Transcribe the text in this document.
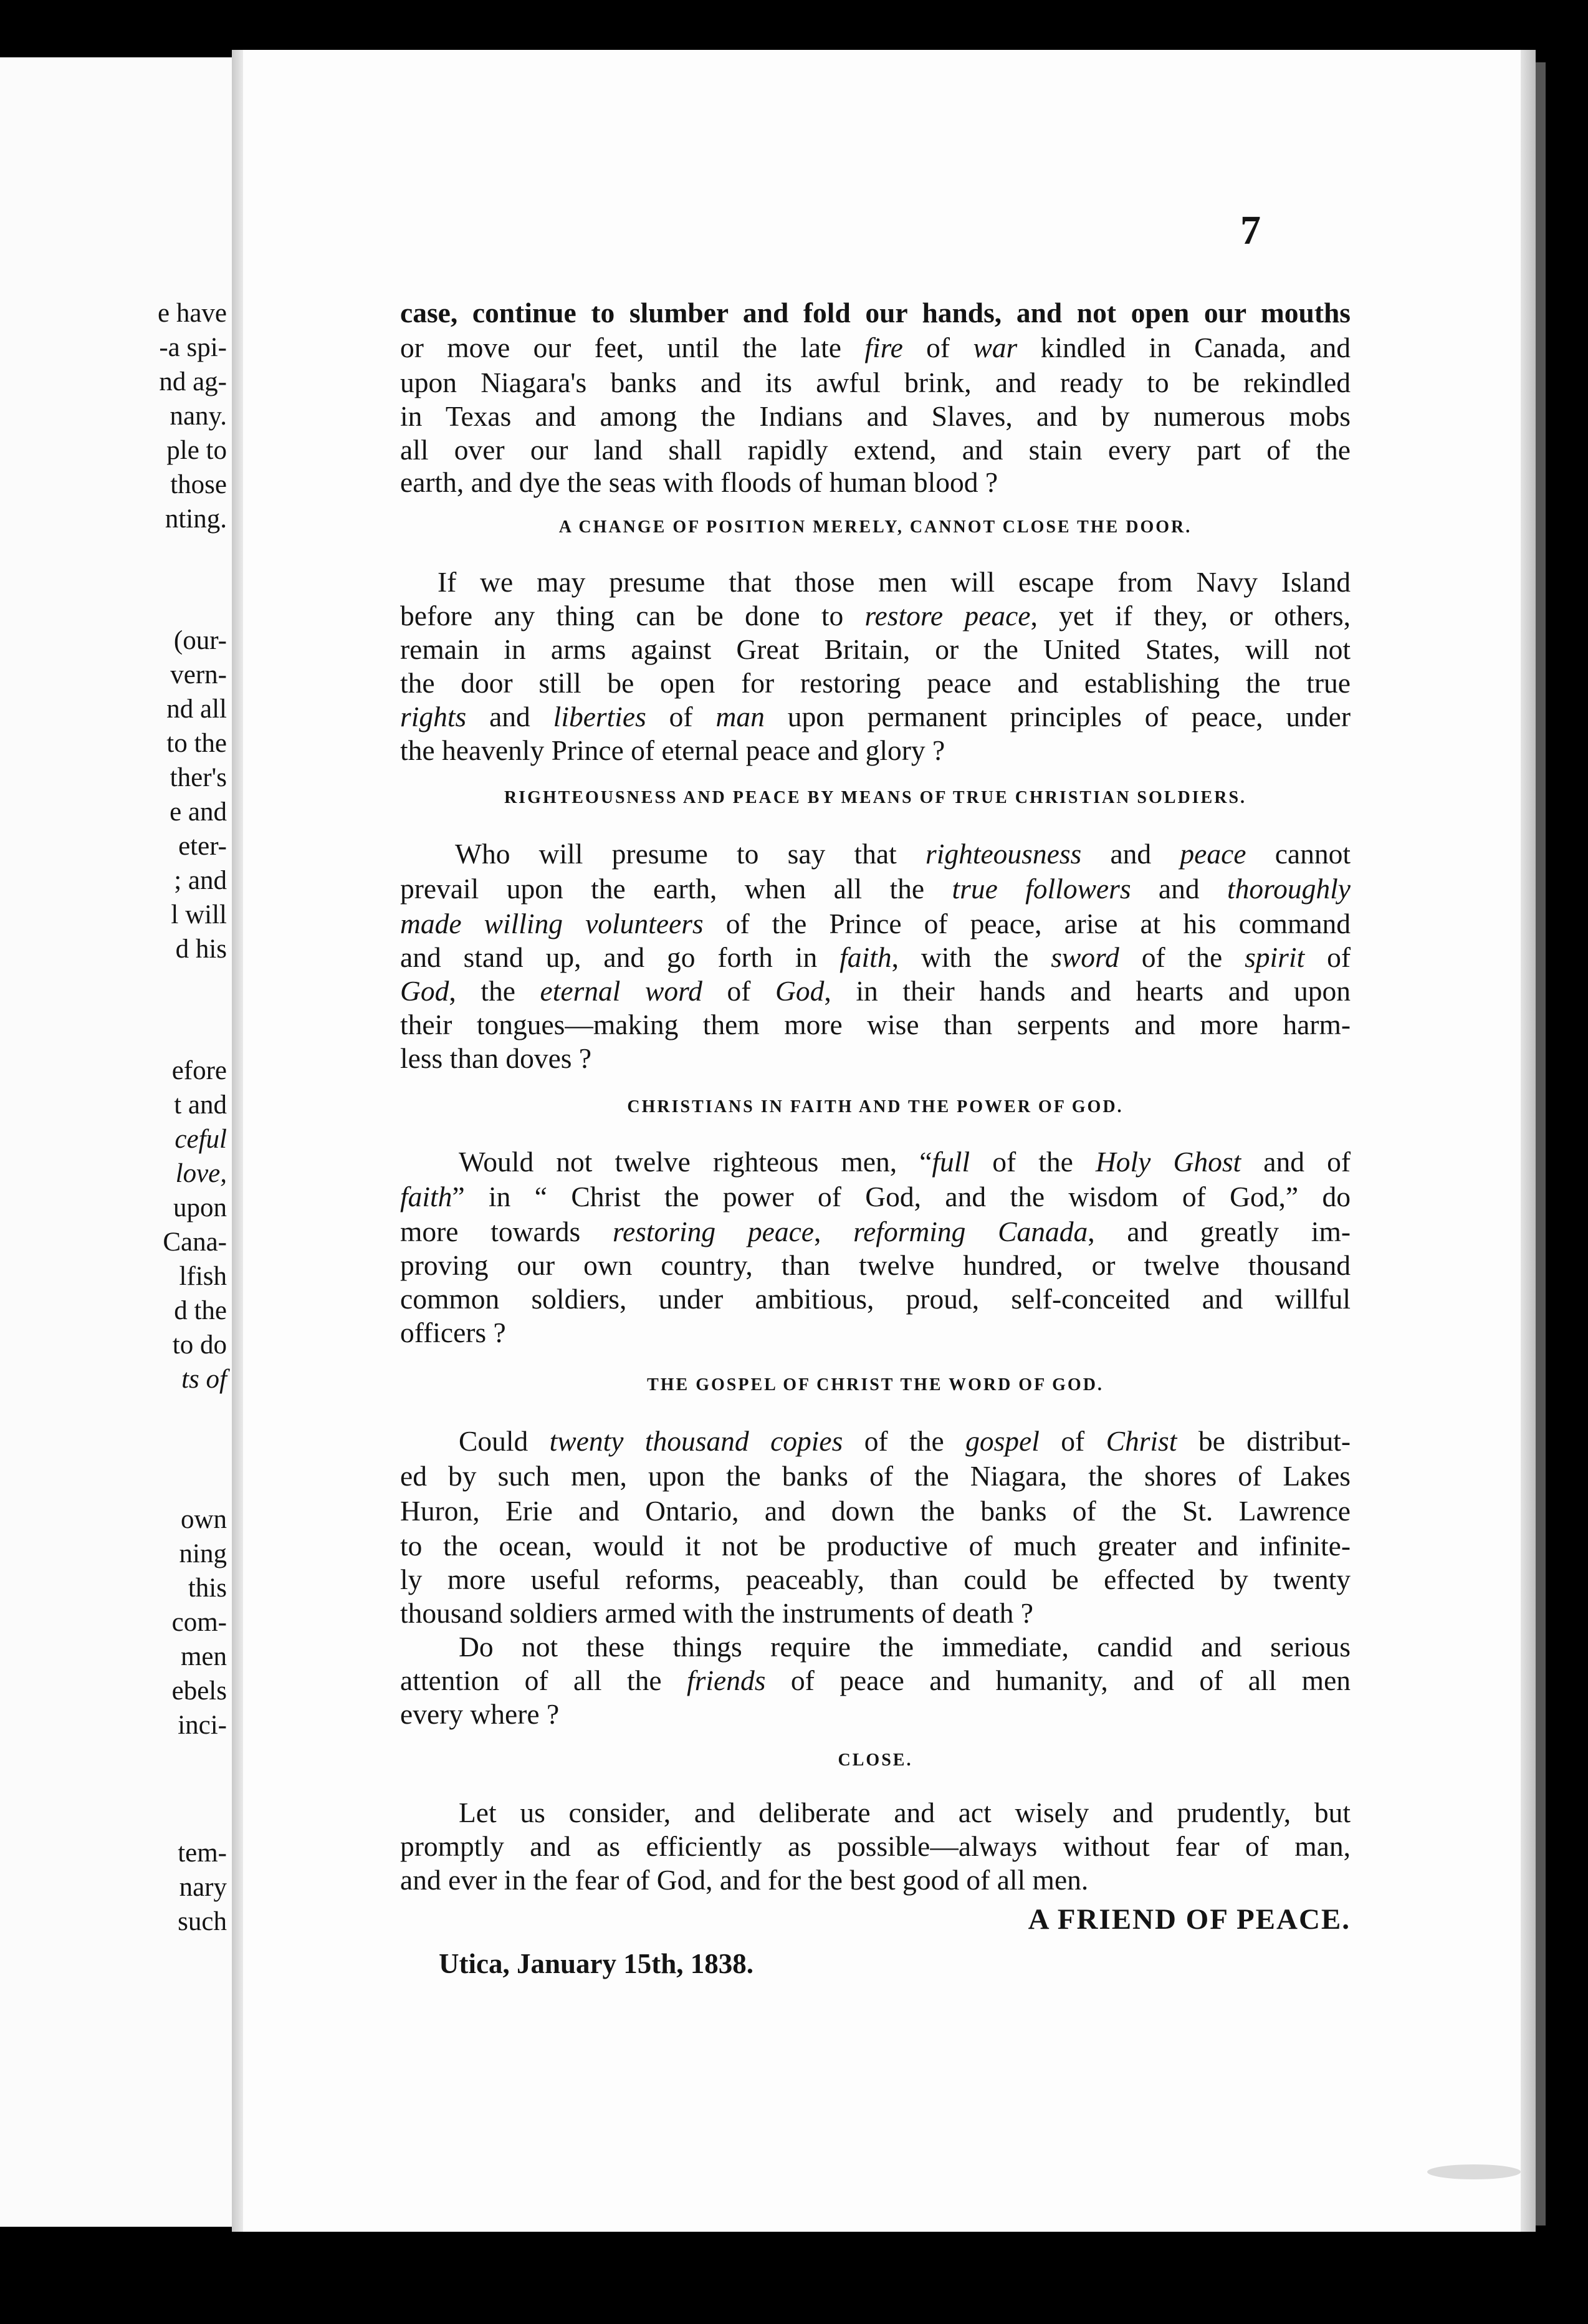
e have
-a spi-
nd ag-
nany.
ple to
those
nting.
(our-
vern-
nd all
to the
ther's
e and
eter-
; and
l will
d his
efore
t and
ceful
love,
upon
Cana-
lfish
d the
to do
ts of
own
ning
this
com-
men
ebels
inci-
tem-
nary
such
7
case, continue to slumber and fold our hands, and not open our mouths
or move our feet, until the late fire of war kindled in Canada, and
upon Niagara's banks and its awful brink, and ready to be rekindled
in Texas and among the Indians and Slaves, and by numerous mobs
all over our land shall rapidly extend, and stain every part of the
earth, and dye the seas with floods of human blood ?
A CHANGE OF POSITION MERELY, CANNOT CLOSE THE DOOR.
If we may presume that those men will escape from Navy Island
before any thing can be done to restore peace, yet if they, or others,
remain in arms against Great Britain, or the United States, will not
the door still be open for restoring peace and establishing the true
rights and liberties of man upon permanent principles of peace, under
the heavenly Prince of eternal peace and glory ?
RIGHTEOUSNESS AND PEACE BY MEANS OF TRUE CHRISTIAN SOLDIERS.
Who will presume to say that righteousness and peace cannot
prevail upon the earth, when all the true followers and thoroughly
made willing volunteers of the Prince of peace, arise at his command
and stand up, and go forth in faith, with the sword of the spirit of
God, the eternal word of God, in their hands and hearts and upon
their tongues—making them more wise than serpents and more harm-
less than doves ?
CHRISTIANS IN FAITH AND THE POWER OF GOD.
Would not twelve righteous men, “full of the Holy Ghost and of
faith” in “ Christ the power of God, and the wisdom of God,” do
more towards restoring peace, reforming Canada, and greatly im-
proving our own country, than twelve hundred, or twelve thousand
common soldiers, under ambitious, proud, self-conceited and willful
officers ?
THE GOSPEL OF CHRIST THE WORD OF GOD.
Could twenty thousand copies of the gospel of Christ be distribut-
ed by such men, upon the banks of the Niagara, the shores of Lakes
Huron, Erie and Ontario, and down the banks of the St. Lawrence
to the ocean, would it not be productive of much greater and infinite-
ly more useful reforms, peaceably, than could be effected by twenty
thousand soldiers armed with the instruments of death ?
Do not these things require the immediate, candid and serious
attention of all the friends of peace and humanity, and of all men
every where ?
CLOSE.
Let us consider, and deliberate and act wisely and prudently, but
promptly and as efficiently as possible—always without fear of man,
and ever in the fear of God, and for the best good of all men.
A FRIEND OF PEACE.
Utica, January 15th, 1838.
